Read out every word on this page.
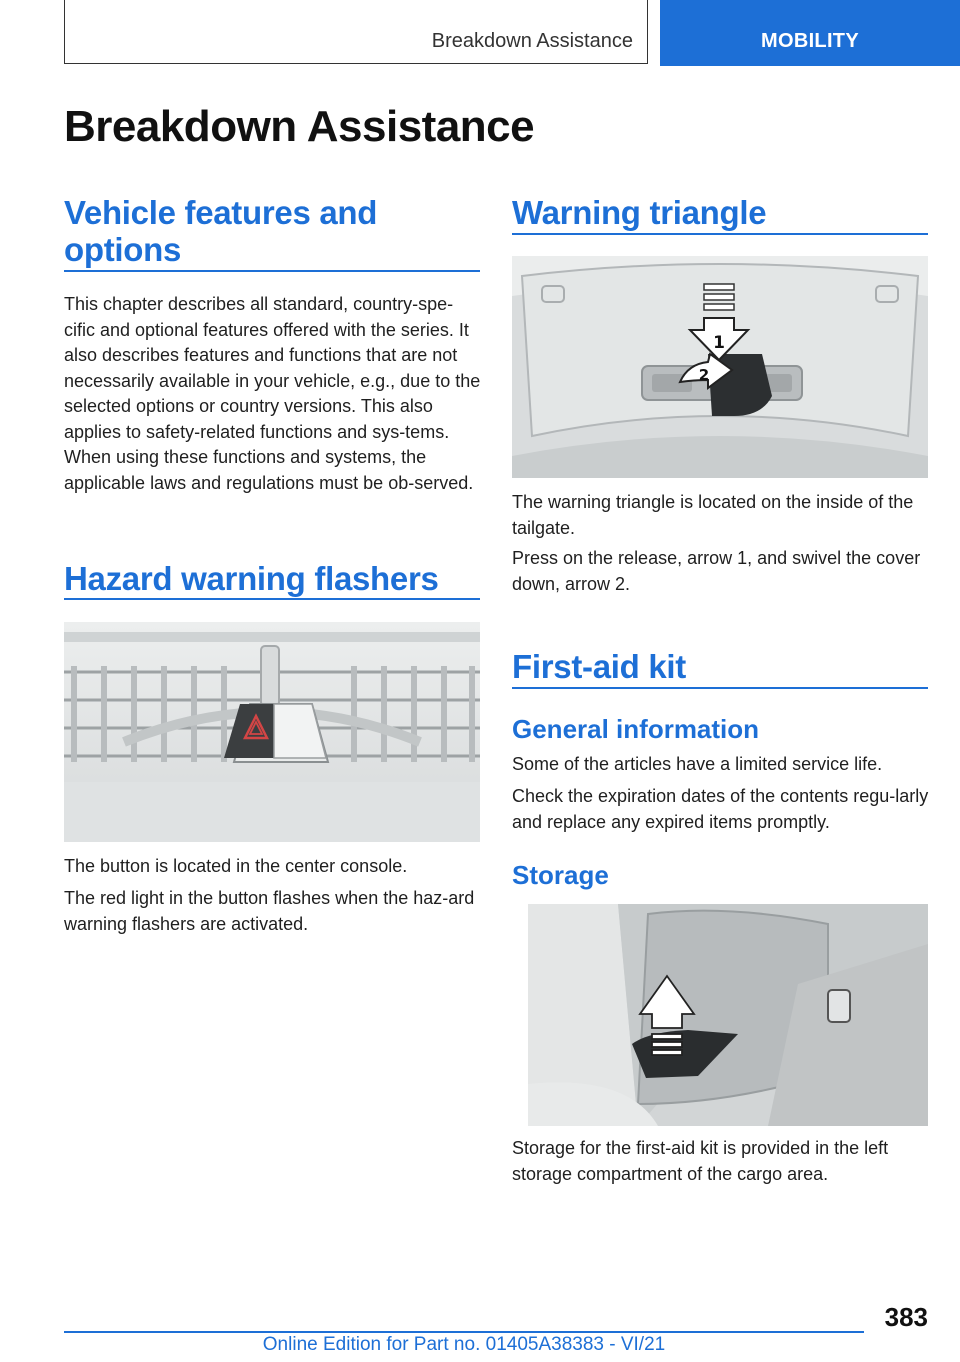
Breakdown Assistance	MOBILITY
Breakdown Assistance
Vehicle features and options
This chapter describes all standard, country-spe-cific and optional features offered with the series. It also describes features and functions that are not necessarily available in your vehicle, e.g., due to the selected options or country versions. This also applies to safety-related functions and sys-tems. When using these functions and systems, the applicable laws and regulations must be ob-served.
Hazard warning flashers
The button is located in the center console.
The red light in the button flashes when the haz-ard warning flashers are activated.
Warning triangle
1
2
The warning triangle is located on the inside of the tailgate.
Press on the release, arrow 1, and swivel the cover down, arrow 2.
First-aid kit
General information
Some of the articles have a limited service life.
Check the expiration dates of the contents regu-larly and replace any expired items promptly.
Storage
Storage for the first-aid kit is provided in the left storage compartment of the cargo area.
383
Online Edition for Part no. 01405A38383 - VI/21
